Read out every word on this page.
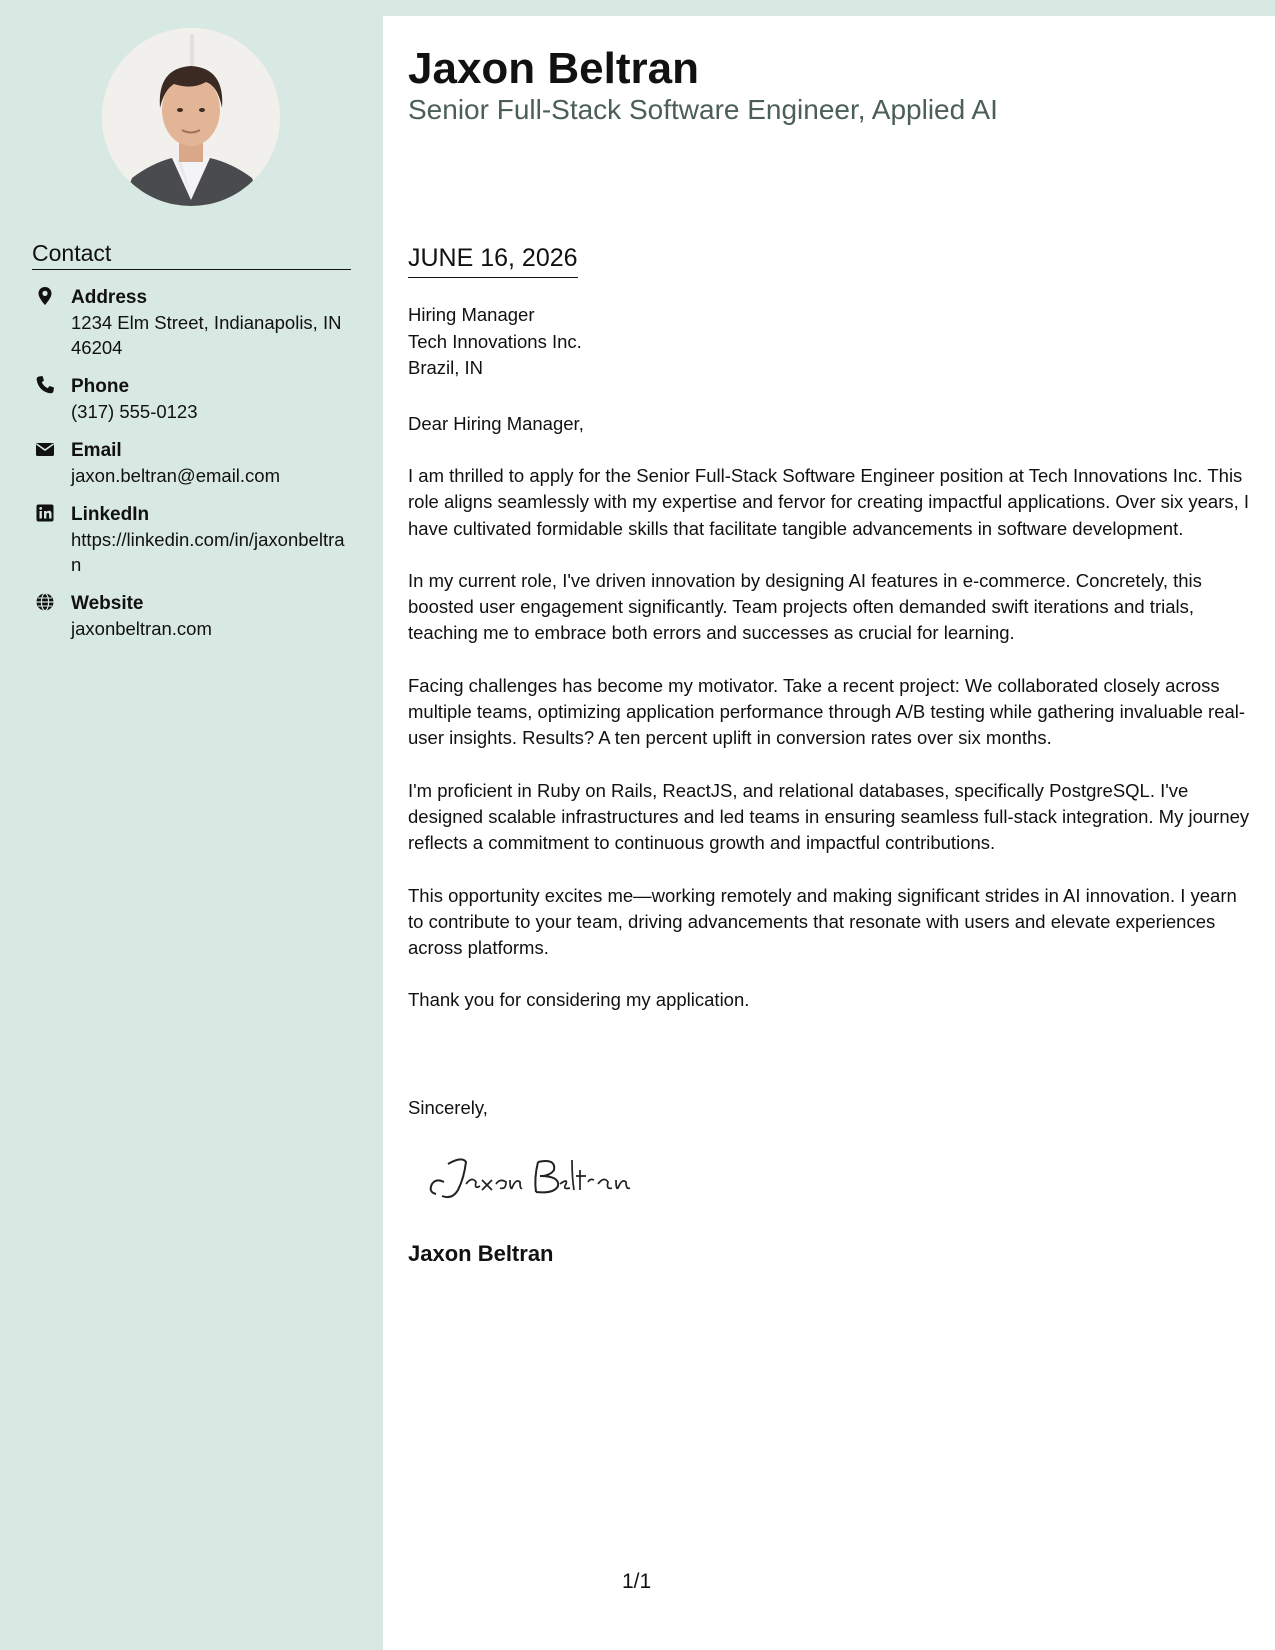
Contact
Address
1234 Elm Street, Indianapolis, IN 46204
Phone
(317) 555-0123
Email
jaxon.beltran@email.com
LinkedIn
https://linkedin.com/in/jaxonbeltran
Website
jaxonbeltran.com
Jaxon Beltran
Senior Full-Stack Software Engineer, Applied AI
JUNE 16, 2026
Hiring Manager
Tech Innovations Inc.
Brazil, IN
Dear Hiring Manager,

I am thrilled to apply for the Senior Full-Stack Software Engineer position at Tech Innovations Inc. This role aligns seamlessly with my expertise and fervor for creating impactful applications. Over six years, I have cultivated formidable skills that facilitate tangible advancements in software development.

In my current role, I've driven innovation by designing AI features in e-commerce. Concretely, this boosted user engagement significantly. Team projects often demanded swift iterations and trials, teaching me to embrace both errors and successes as crucial for learning.

Facing challenges has become my motivator. Take a recent project: We collaborated closely across multiple teams, optimizing application performance through A/B testing while gathering invaluable real-user insights. Results? A ten percent uplift in conversion rates over six months.

I'm proficient in Ruby on Rails, ReactJS, and relational databases, specifically PostgreSQL. I've designed scalable infrastructures and led teams in ensuring seamless full-stack integration. My journey reflects a commitment to continuous growth and impactful contributions.

This opportunity excites me—working remotely and making significant strides in AI innovation. I yearn to contribute to your team, driving advancements that resonate with users and elevate experiences across platforms.

Thank you for considering my application.

Sincerely,
Jaxon Beltran
1/1
